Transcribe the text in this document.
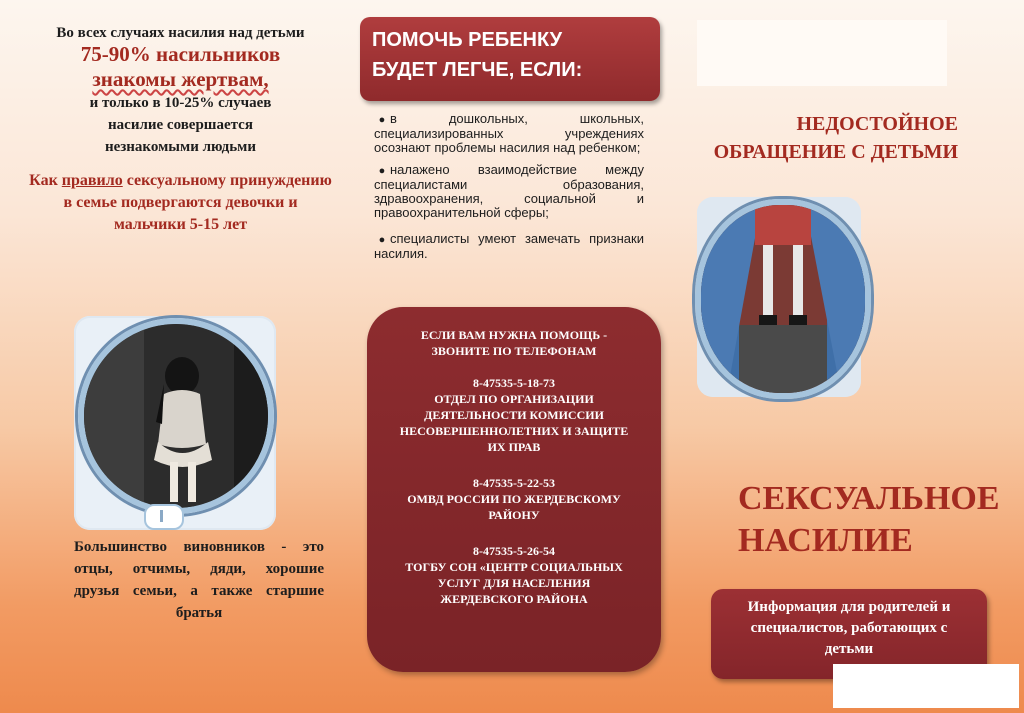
Во всех случаях насилия над детьми

75-90% насильников

знакомы жертвам,

и только в 10-25% случаев

насилие совершается

незнакомыми людьми

Как правило сексуальному принуждению в семье подвергаются девочки и мальчики 5-15 лет

Большинство виновников - это отцы, отчимы, дяди, хорошие друзья семьи, а также старшие братья

ПОМОЧЬ РЕБЕНКУ
БУДЕТ ЛЕГЧЕ, ЕСЛИ:

● в дошкольных, школьных, специализированных учреждениях осознают проблемы насилия над ребенком;

● налажено взаимодействие между специалистами образования, здравоохранения, социальной и правоохранительной сферы;

● специалисты умеют замечать признаки насилия.

ЕСЛИ ВАМ НУЖНА ПОМОЩЬ - ЗВОНИТЕ ПО ТЕЛЕФОНАМ

8-47535-5-18-73

ОТДЕЛ ПО ОРГАНИЗАЦИИ ДЕЯТЕЛЬНОСТИ КОМИССИИ НЕСОВЕРШЕННОЛЕТНИХ И ЗАЩИТЕ ИХ ПРАВ

8-47535-5-22-53

ОМВД РОССИИ ПО ЖЕРДЕВСКОМУ РАЙОНУ

8-47535-5-26-54

ТОГБУ СОН «ЦЕНТР СОЦИАЛЬНЫХ УСЛУГ ДЛЯ НАСЕЛЕНИЯ ЖЕРДЕВСКОГО РАЙОНА

НЕДОСТОЙНОЕ
ОБРАЩЕНИЕ С ДЕТЬМИ
СЕКСУАЛЬНОЕ
НАСИЛИЕ
Информация для родителей и специалистов, работающих с детьми
